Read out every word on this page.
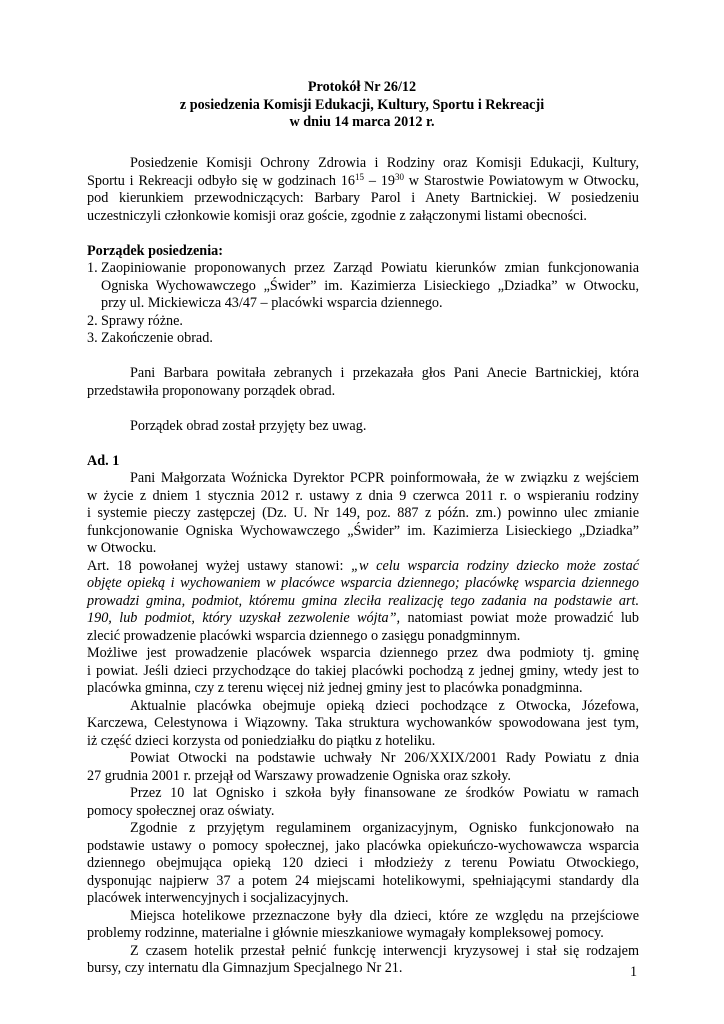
Protokół Nr 26/12
z posiedzenia Komisji Edukacji, Kultury, Sportu i Rekreacji
w dniu 14 marca 2012 r.
Posiedzenie Komisji Ochrony Zdrowia i Rodziny oraz Komisji Edukacji, Kultury,
Sportu i Rekreacji odbyło się w godzinach $16^{15} - 19^{30}$ w Starostwie Powiatowym w Otwocku,
pod kierunkiem przewodniczących: Barbary Parol i Anety Bartnickiej. W posiedzeniu
uczestniczyli członkowie komisji oraz goście, zgodnie z załączonymi listami obecności.
Porządek posiedzenia:
1. Zaopiniowanie proponowanych przez Zarząd Powiatu kierunków zmian funkcjonowania
Ogniska Wychowawczego „Świder” im. Kazimierza Lisieckiego „Dziadka” w Otwocku,
przy ul. Mickiewicza 43/47 – placówki wsparcia dziennego.
2. Sprawy różne.
3. Zakończenie obrad.
Pani Barbara powitała zebranych i przekazała głos Pani Anecie Bartnickiej, która
przedstawiła proponowany porządek obrad.
Porządek obrad został przyjęty bez uwag.
Ad. 1
Pani Małgorzata Woźnicka Dyrektor PCPR poinformowała, że w związku z wejściem
w życie z dniem 1 stycznia 2012 r. ustawy z dnia 9 czerwca 2011 r. o wspieraniu rodziny
i systemie pieczy zastępczej (Dz. U. Nr 149, poz. 887 z późn. zm.) powinno ulec zmianie
funkcjonowanie Ogniska Wychowawczego „Świder” im. Kazimierza Lisieckiego „Dziadka”
w Otwocku.
Art. 18 powołanej wyżej ustawy stanowi: „w celu wsparcia rodziny dziecko może zostać
objęte opieką i wychowaniem w placówce wsparcia dziennego; placówkę wsparcia dziennego
prowadzi gmina, podmiot, któremu gmina zleciła realizację tego zadania na podstawie art.
190, lub podmiot, który uzyskał zezwolenie wójta”, natomiast powiat może prowadzić lub
zlecić prowadzenie placówki wsparcia dziennego o zasięgu ponadgminnym.
Możliwe jest prowadzenie placówek wsparcia dziennego przez dwa podmioty tj. gminę
i powiat. Jeśli dzieci przychodzące do takiej placówki pochodzą z jednej gminy, wtedy jest to
placówka gminna, czy z terenu więcej niż jednej gminy jest to placówka ponadgminna.
Aktualnie placówka obejmuje opieką dzieci pochodzące z Otwocka, Józefowa,
Karczewa, Celestynowa i Wiązowny. Taka struktura wychowanków spowodowana jest tym,
iż część dzieci korzysta od poniedziałku do piątku z hoteliku.
Powiat Otwocki na podstawie uchwały Nr 206/XXIX/2001 Rady Powiatu z dnia
27 grudnia 2001 r. przejął od Warszawy prowadzenie Ogniska oraz szkoły.
Przez 10 lat Ognisko i szkoła były finansowane ze środków Powiatu w ramach
pomocy społecznej oraz oświaty.
Zgodnie z przyjętym regulaminem organizacyjnym, Ognisko funkcjonowało na
podstawie ustawy o pomocy społecznej, jako placówka opiekuńczo-wychowawcza wsparcia
dziennego obejmująca opieką 120 dzieci i młodzieży z terenu Powiatu Otwockiego,
dysponując najpierw 37 a potem 24 miejscami hotelikowymi, spełniającymi standardy dla
placówek interwencyjnych i socjalizacyjnych.
Miejsca hotelikowe przeznaczone były dla dzieci, które ze względu na przejściowe
problemy rodzinne, materialne i głównie mieszkaniowe wymagały kompleksowej pomocy.
Z czasem hotelik przestał pełnić funkcję interwencji kryzysowej i stał się rodzajem
bursy, czy internatu dla Gimnazjum Specjalnego Nr 21.	1
